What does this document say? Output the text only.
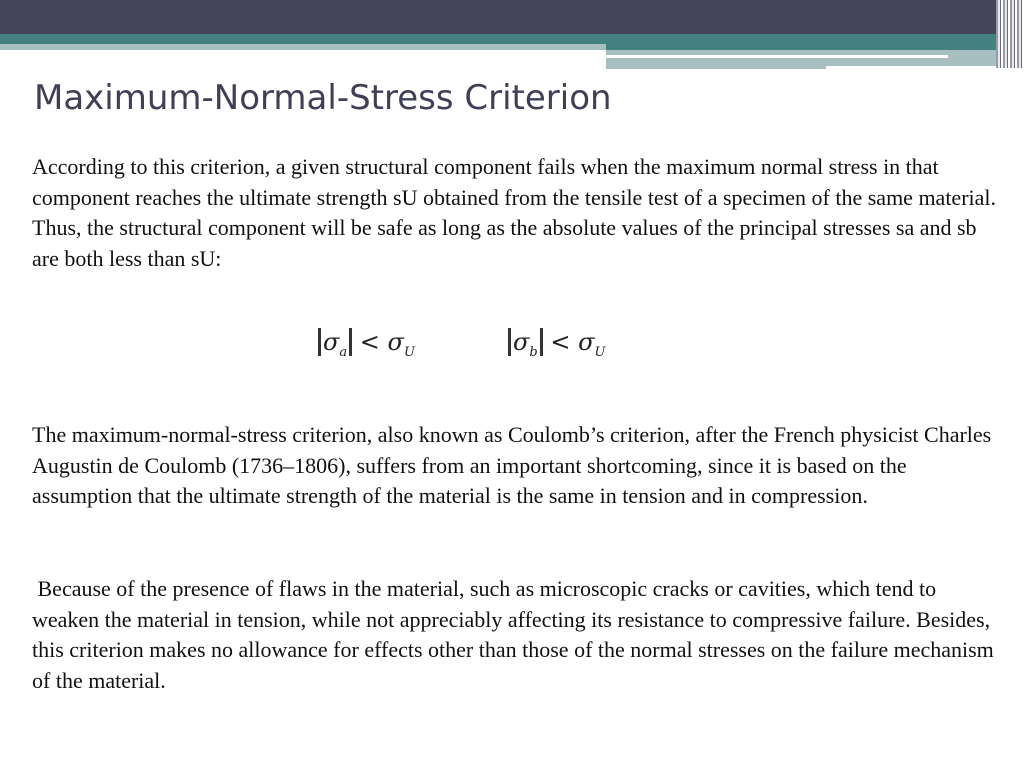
Maximum-Normal-Stress Criterion

According to this criterion, a given structural component fails when the maximum normal stress in that component reaches the ultimate strength sU obtained from the tensile test of a specimen of the same material. Thus, the structural component will be safe as long as the absolute values of the principal stresses sa and sb are both less than sU:

$\sigma_a < \sigma_U$	$\sigma_b < \sigma_U$

The maximum-normal-stress criterion, also known as Coulomb’s criterion, after the French physicist Charles Augustin de Coulomb (1736–1806), suffers from an important shortcoming, since it is based on the assumption that the ultimate strength of the material is the same in tension and in compression.

Because of the presence of flaws in the material, such as microscopic cracks or cavities, which tend to weaken the material in tension, while not appreciably affecting its resistance to compressive failure. Besides, this criterion makes no allowance for effects other than those of the normal stresses on the failure mechanism of the material.
